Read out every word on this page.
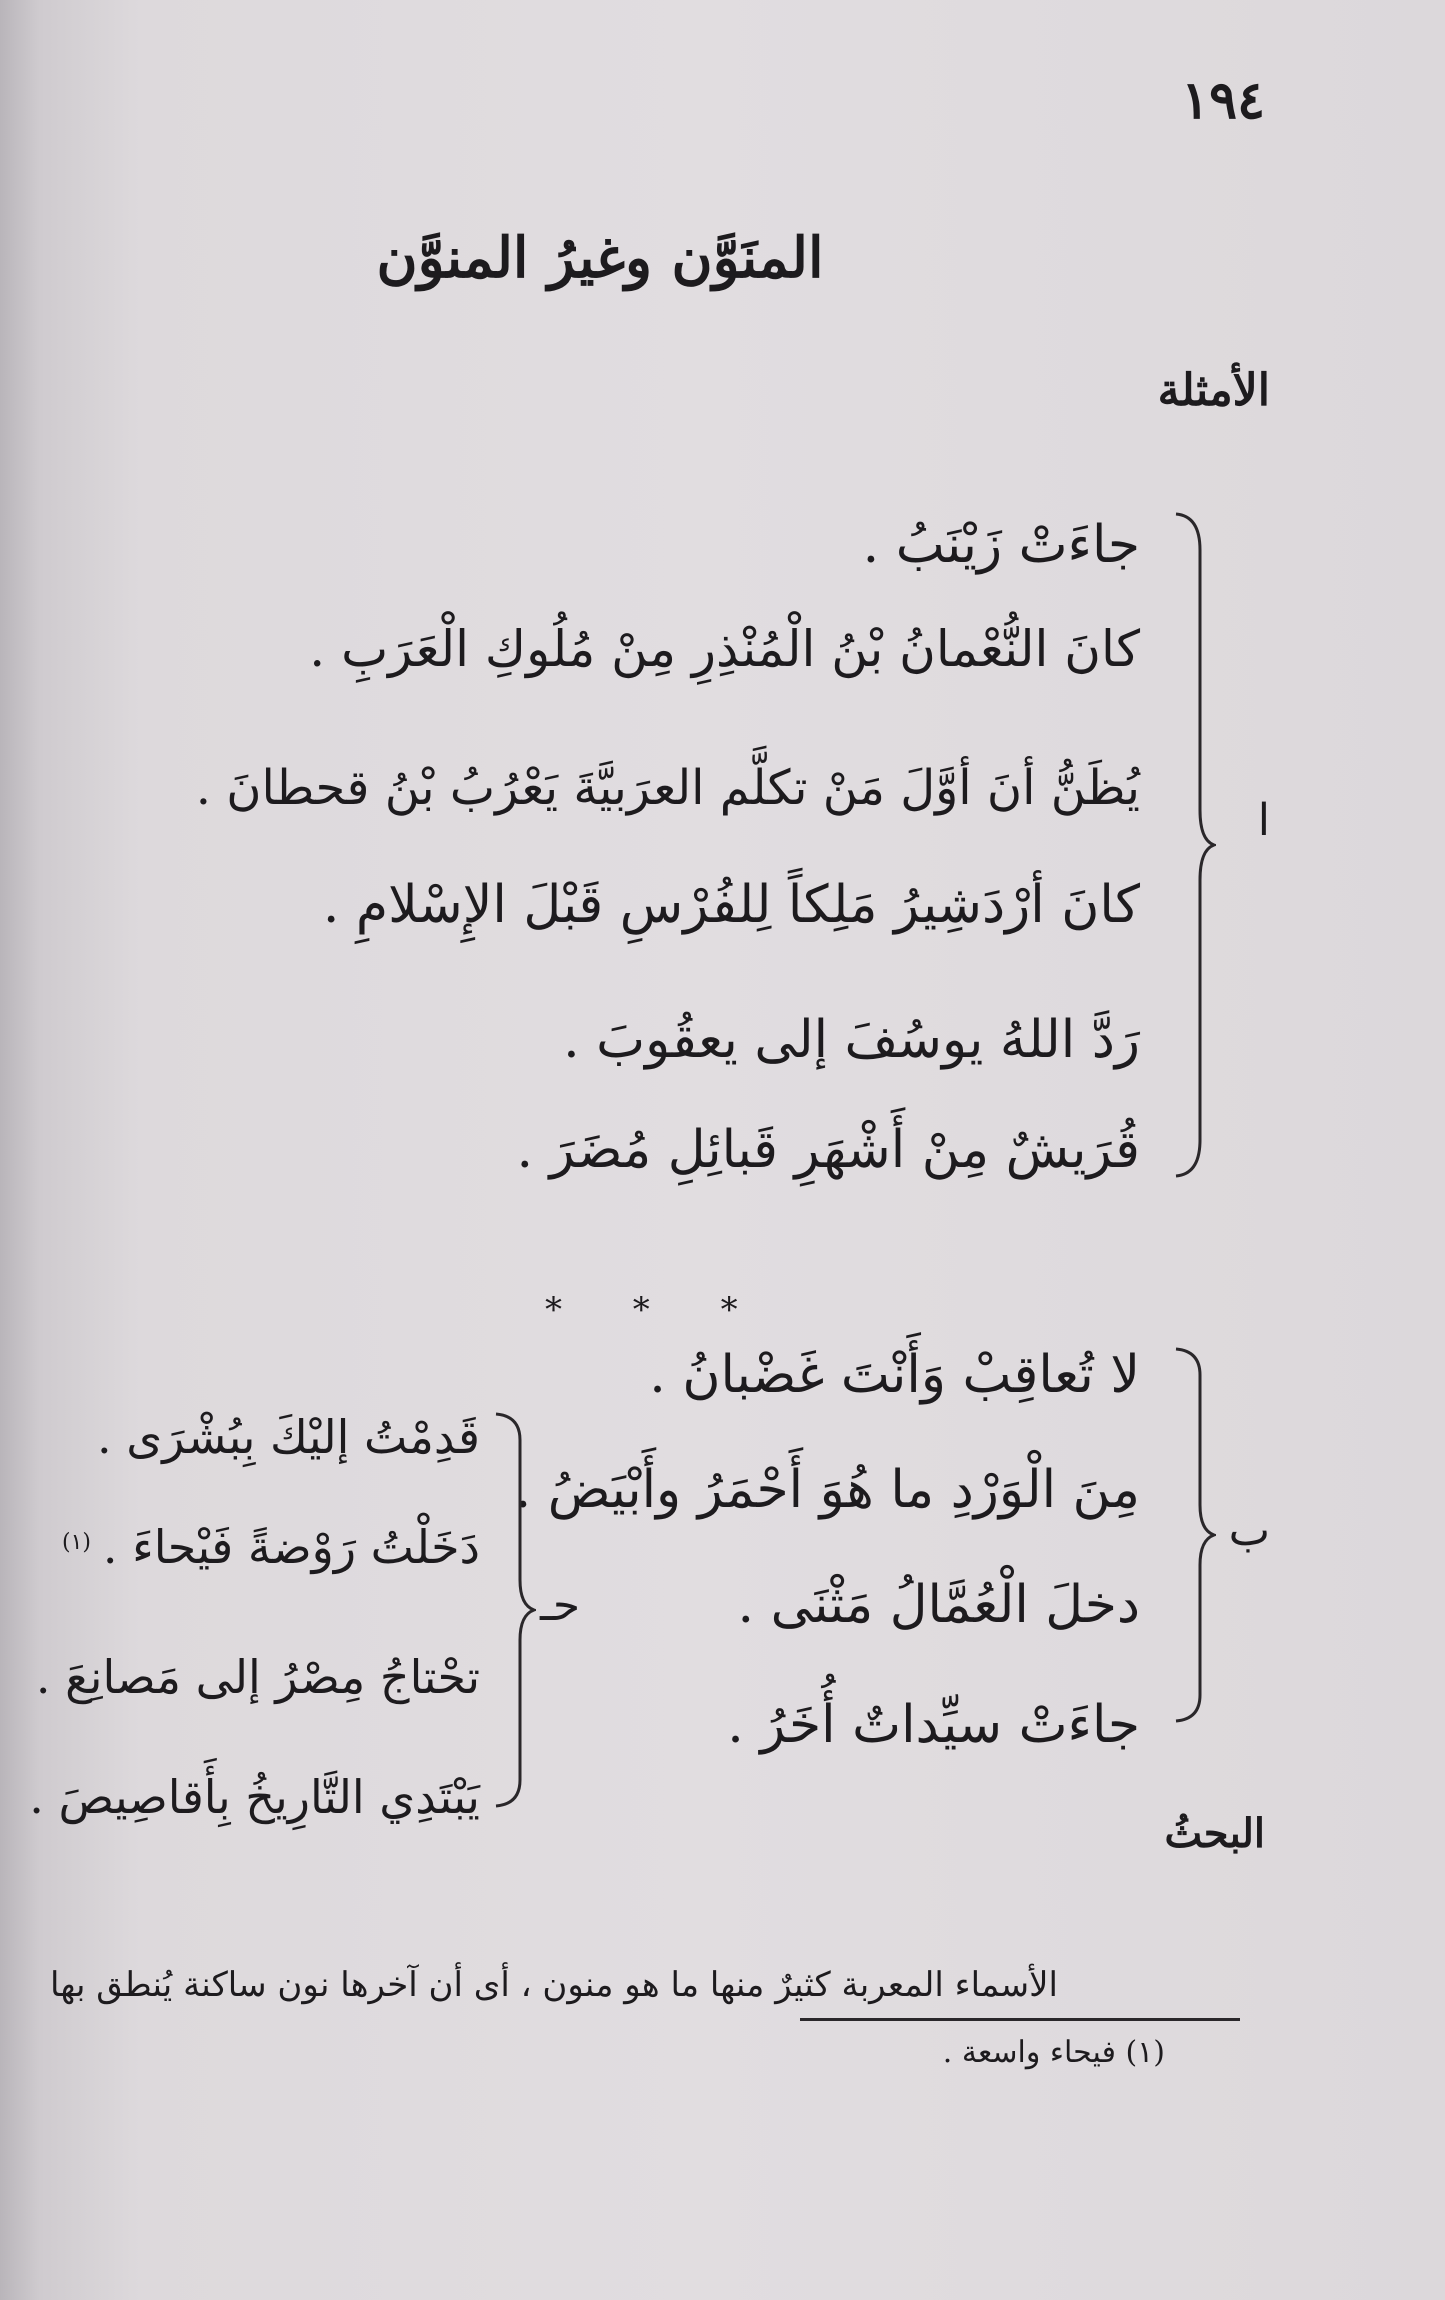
١٩٤
المنَوَّن وغيرُ المنوَّن
الأمثلة
ا
جاءَتْ زَيْنَبُ .
كانَ النُّعْمانُ بْنُ الْمُنْذِرِ مِنْ مُلُوكِ الْعَرَبِ .
يُظَنُّ أنَ أوَّلَ مَنْ تكلَّم العرَبيَّةَ يَعْرُبُ بْنُ قحطانَ .
كانَ أرْدَشِيرُ مَلِكاً لِلفُرْسِ قَبْلَ الإِسْلامِ .
رَدَّ اللهُ يوسُفَ إلى يعقُوبَ .
قُرَيشٌ مِنْ أَشْهَرِ قَبائِلِ مُضَرَ .
* * *
ب
لا تُعاقِبْ وَأَنْتَ غَضْبانُ .
مِنَ الْوَرْدِ ما هُوَ أَحْمَرُ وأَبْيَضُ .
دخلَ الْعُمَّالُ مَثْنَى .
جاءَتْ سيِّداتٌ أُخَرُ .
حـ
قَدِمْتُ إليْكَ بِبُشْرَى .
دَخَلْتُ رَوْضةً فَيْحاءَ .
(١)
تحْتاجُ مِصْرُ إلى مَصانِعَ .
يَبْتَدِي التَّارِيخُ بِأَقاصِيصَ .
البحثُ
الأسماء المعربة كثيرٌ منها ما هو منون ، أى أن آخرها نون ساكنة يُنطق بها
(١) فيحاء واسعة .
